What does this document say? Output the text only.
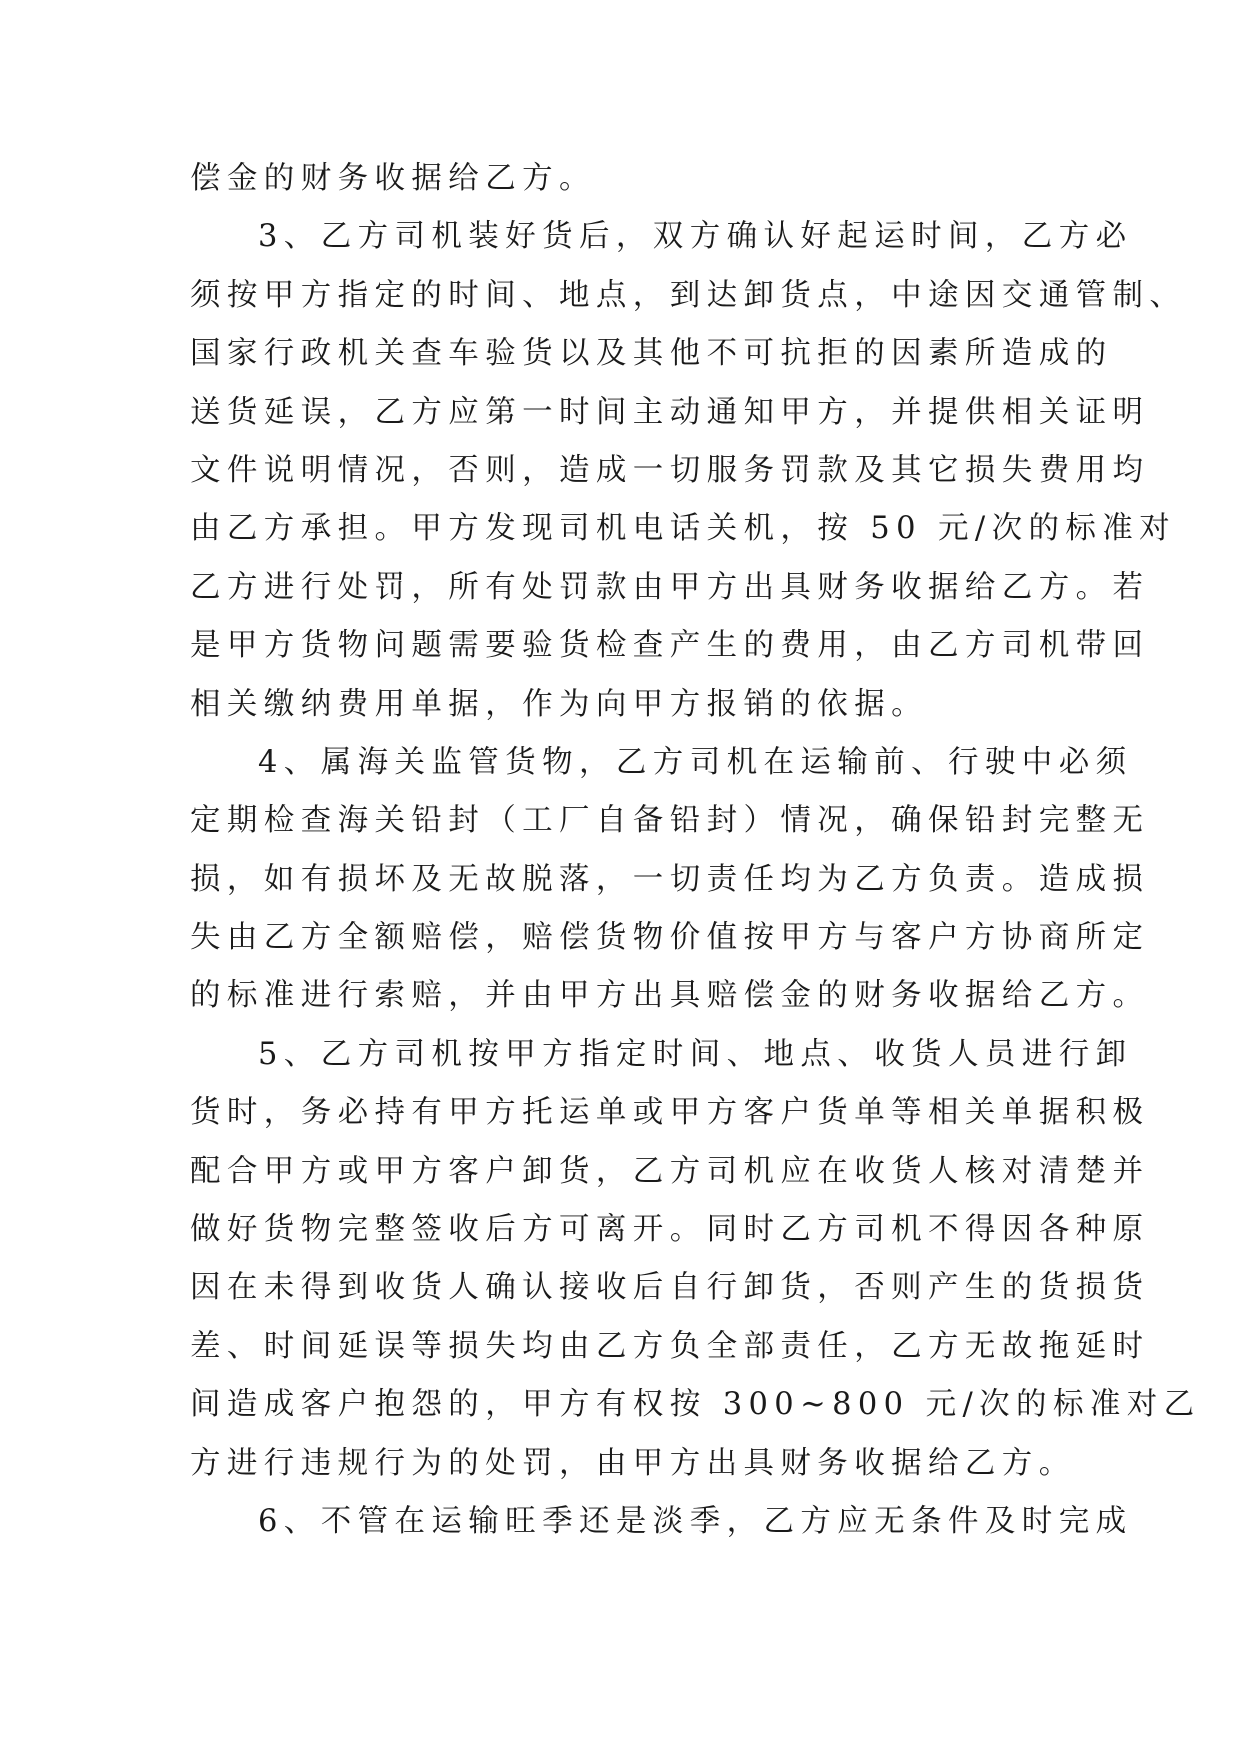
偿金的财务收据给乙方。
3、乙方司机装好货后，双方确认好起运时间，乙方必
须按甲方指定的时间、地点，到达卸货点，中途因交通管制、
国家行政机关查车验货以及其他不可抗拒的因素所造成的
送货延误，乙方应第一时间主动通知甲方，并提供相关证明
文件说明情况，否则，造成一切服务罚款及其它损失费用均
由乙方承担。甲方发现司机电话关机，按 50 元/次的标准对
乙方进行处罚，所有处罚款由甲方出具财务收据给乙方。若
是甲方货物问题需要验货检查产生的费用，由乙方司机带回
相关缴纳费用单据，作为向甲方报销的依据。
4、属海关监管货物，乙方司机在运输前、行驶中必须
定期检查海关铅封（工厂自备铅封）情况，确保铅封完整无
损，如有损坏及无故脱落，一切责任均为乙方负责。造成损
失由乙方全额赔偿，赔偿货物价值按甲方与客户方协商所定
的标准进行索赔，并由甲方出具赔偿金的财务收据给乙方。
5、乙方司机按甲方指定时间、地点、收货人员进行卸
货时，务必持有甲方托运单或甲方客户货单等相关单据积极
配合甲方或甲方客户卸货，乙方司机应在收货人核对清楚并
做好货物完整签收后方可离开。同时乙方司机不得因各种原
因在未得到收货人确认接收后自行卸货，否则产生的货损货
差、时间延误等损失均由乙方负全部责任，乙方无故拖延时
间造成客户抱怨的，甲方有权按 300~800 元/次的标准对乙
方进行违规行为的处罚，由甲方出具财务收据给乙方。
6、不管在运输旺季还是淡季，乙方应无条件及时完成
